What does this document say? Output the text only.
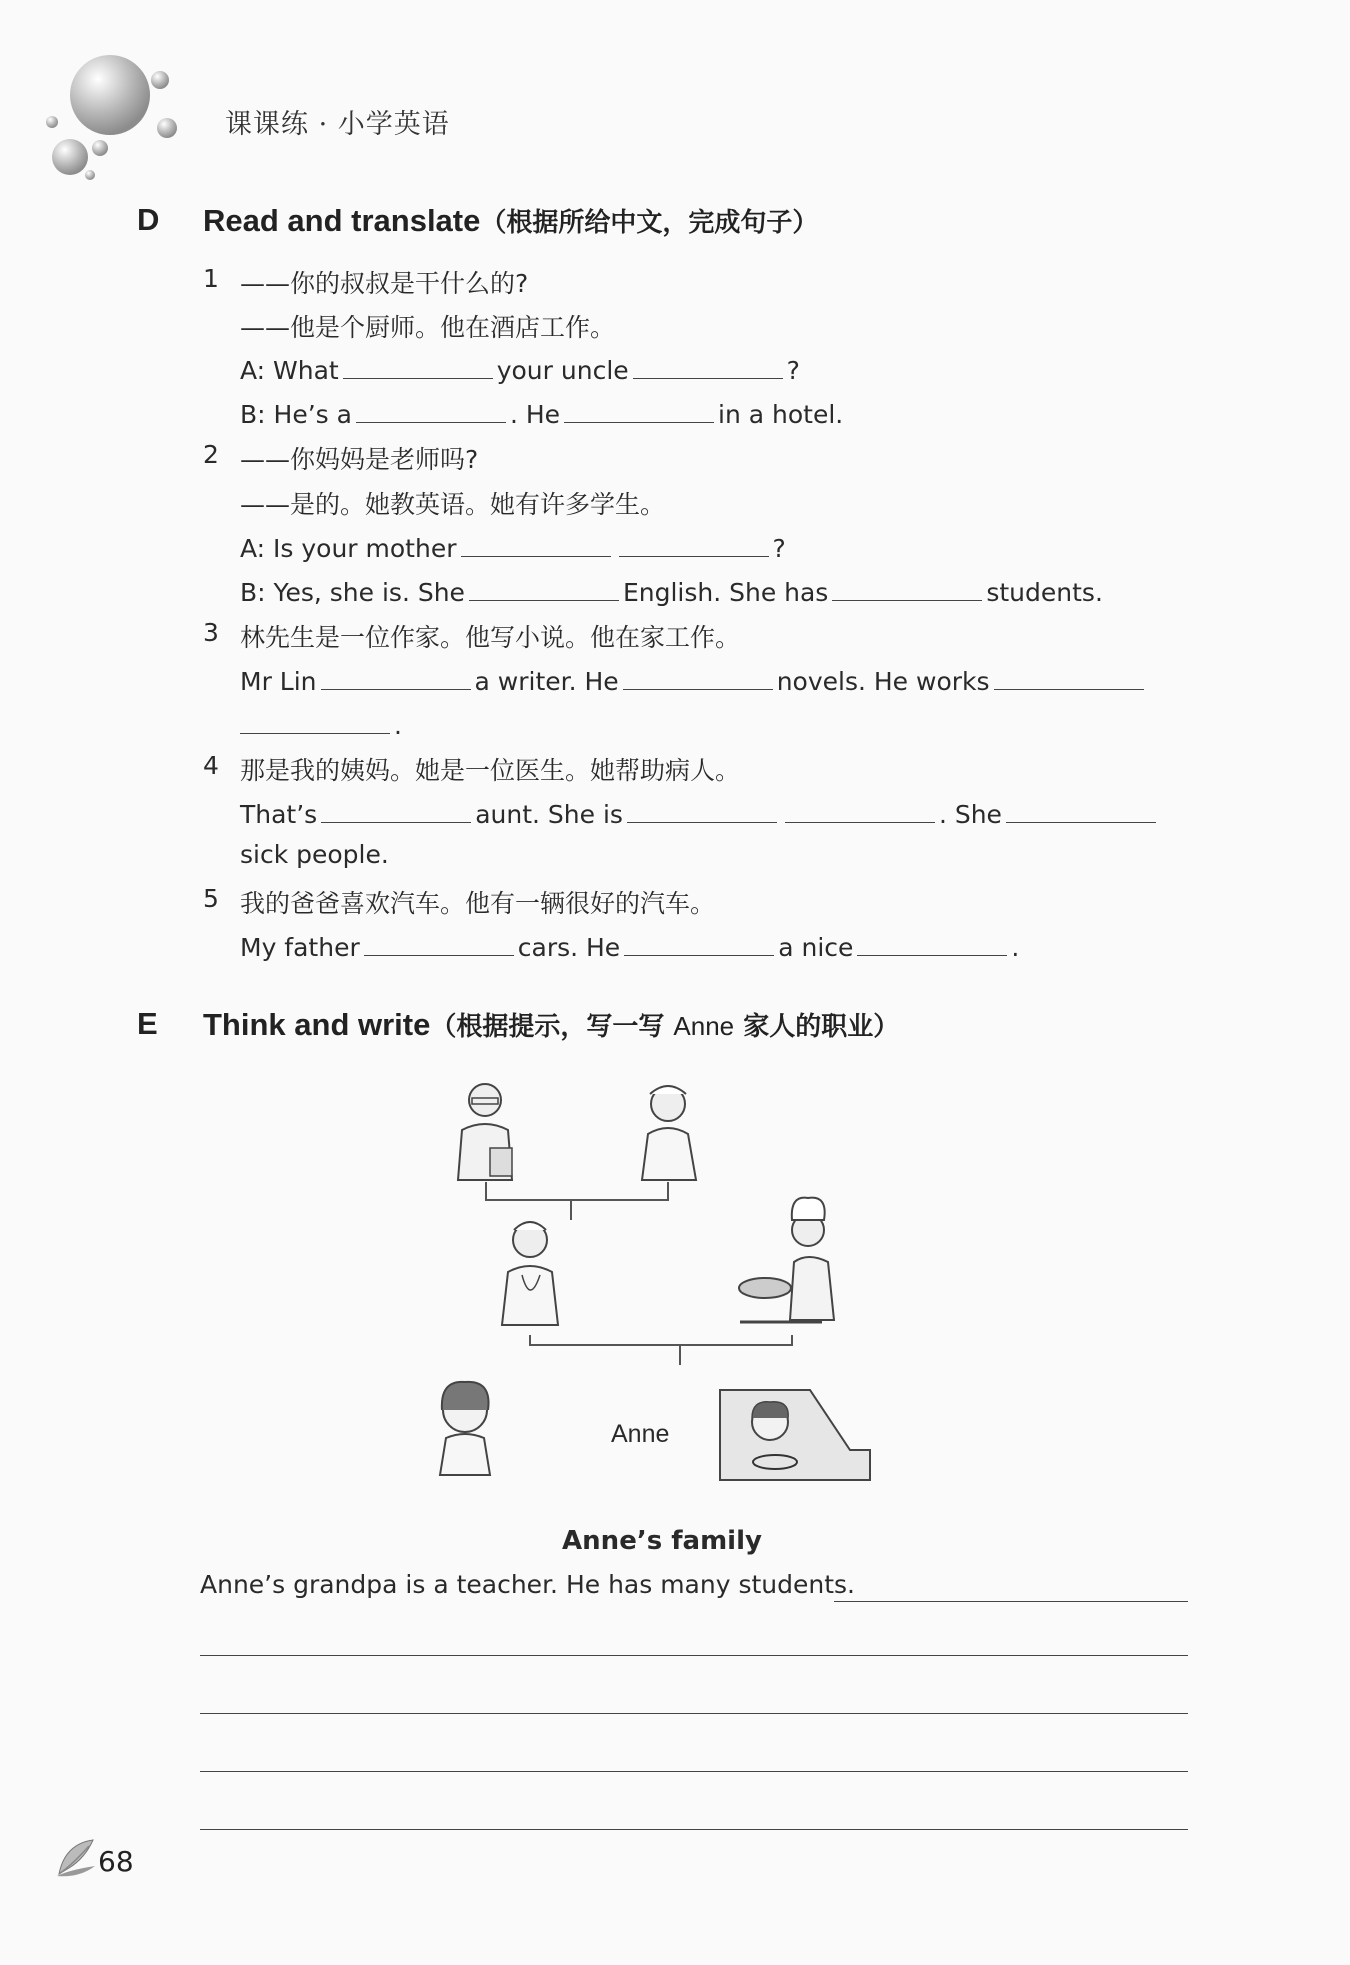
课课练 · 小学英语
D Read and translate（根据所给中文，完成句子）
1 ——你的叔叔是干什么的?
——他是个厨师。他在酒店工作。
A: What	your uncle	?
B: He’s a	. He	in a hotel.
2 ——你妈妈是老师吗?
——是的。她教英语。她有许多学生。
A: Is your mother	?
B: Yes, she is. She	English. She has	students.
3 林先生是一位作家。他写小说。他在家工作。
Mr Lin	a writer. He	novels. He works
.
4 那是我的姨妈。她是一位医生。她帮助病人。
That’s	aunt. She is	. She
sick people.
5 我的爸爸喜欢汽车。他有一辆很好的汽车。
My father	cars. He	a nice	.
E Think and write（根据提示，写一写 Anne 家人的职业）
Anne
Anne’s family
Anne’s grandpa is a teacher. He has many students.
68
